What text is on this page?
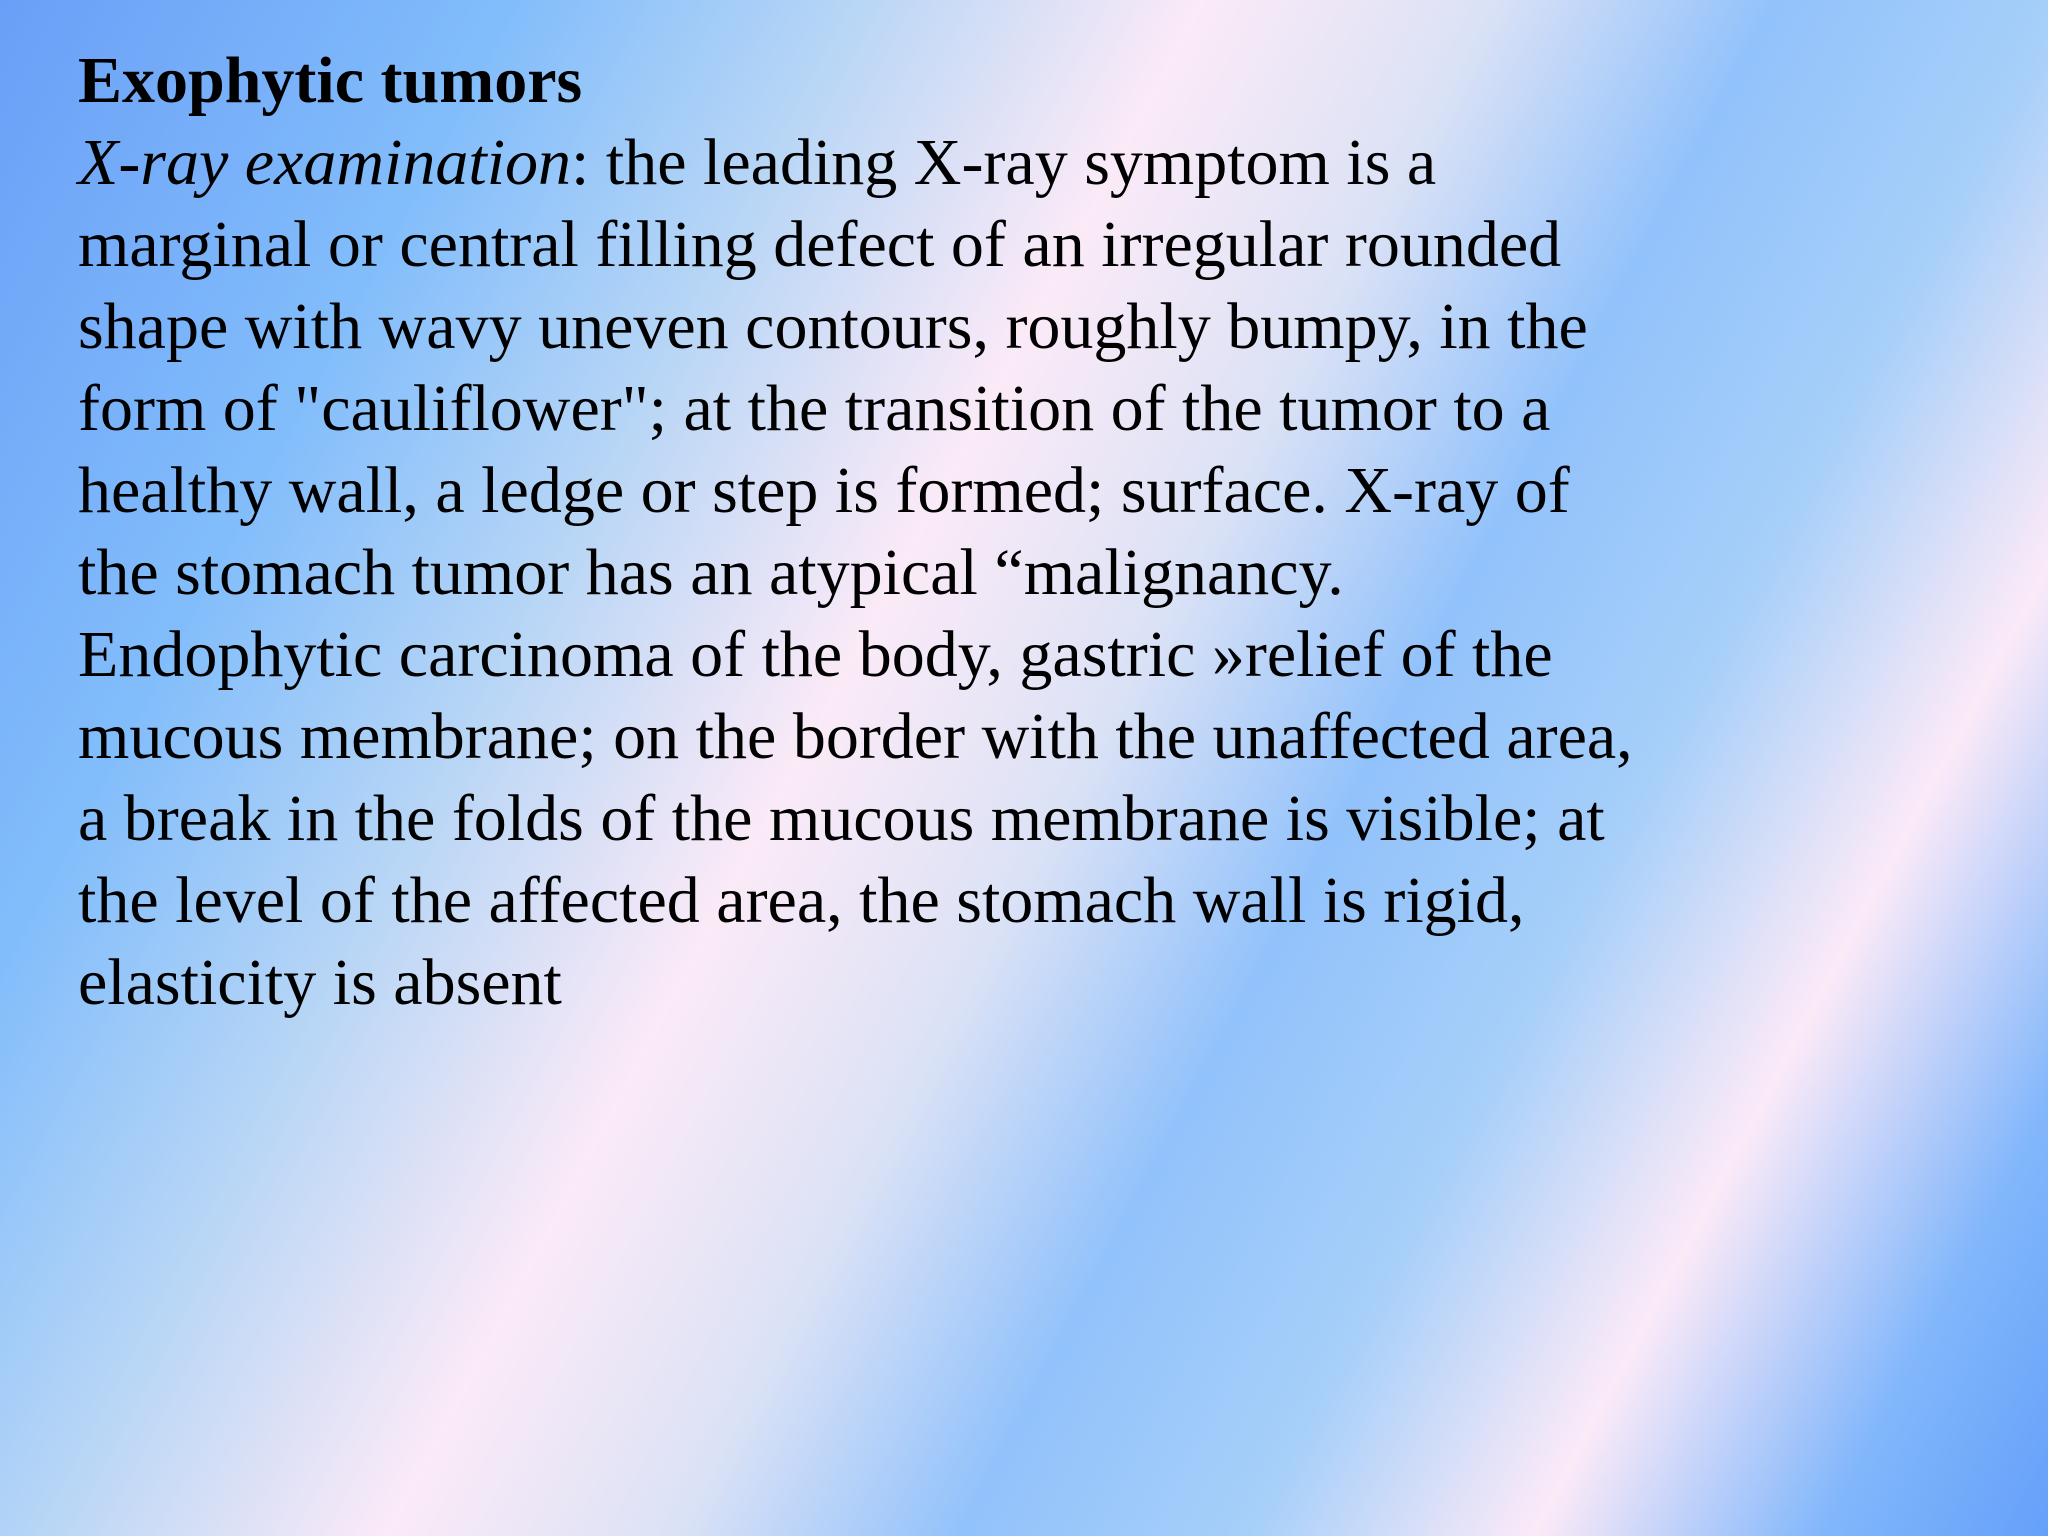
Exophytic tumors
X-ray examination: the leading X-ray symptom is a
marginal or central filling defect of an irregular rounded
shape with wavy uneven contours, roughly bumpy, in the
form of "cauliflower"; at the transition of the tumor to a
healthy wall, a ledge or step is formed; surface. X-ray of
the stomach tumor has an atypical “malignancy.
Endophytic carcinoma of the body, gastric »relief of the
mucous membrane; on the border with the unaffected area,
a break in the folds of the mucous membrane is visible; at
the level of the affected area, the stomach wall is rigid,
elasticity is absent
